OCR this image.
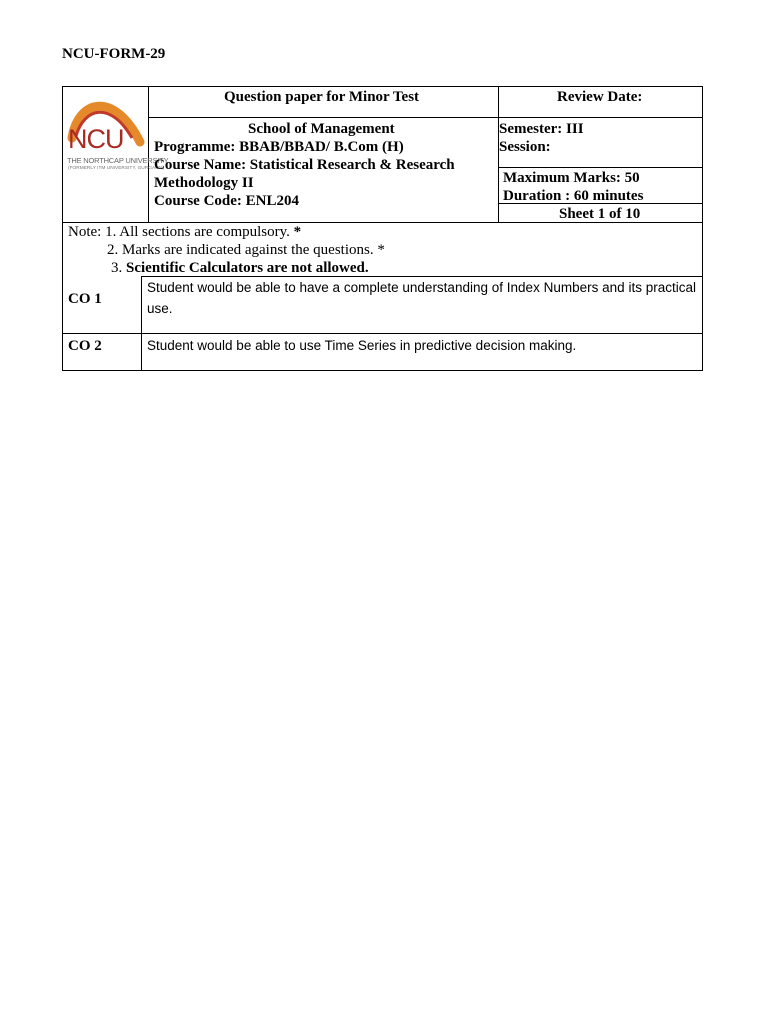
NCU-FORM-29
NCU
THE NORTHCAP UNIVERSITY
(FORMERLY ITM UNIVERSITY, GURGAON)
Question paper for Minor Test	Review Date:
School of Management
Programme: BBAB/BBAD/ B.Com (H)
Course Name: Statistical Research & Research
Methodology II
Course Code: ENL204
Semester: III
Session:
Maximum Marks: 50
Duration : 60 minutes
Sheet 1 of 10
Note: 1. All sections are compulsory. *
2. Marks are indicated against the questions. *
3. Scientific Calculators are not allowed.
CO 1
Student would be able to have a complete understanding of Index Numbers and its practical use.
CO 2	Student would be able to use Time Series in predictive decision making.
